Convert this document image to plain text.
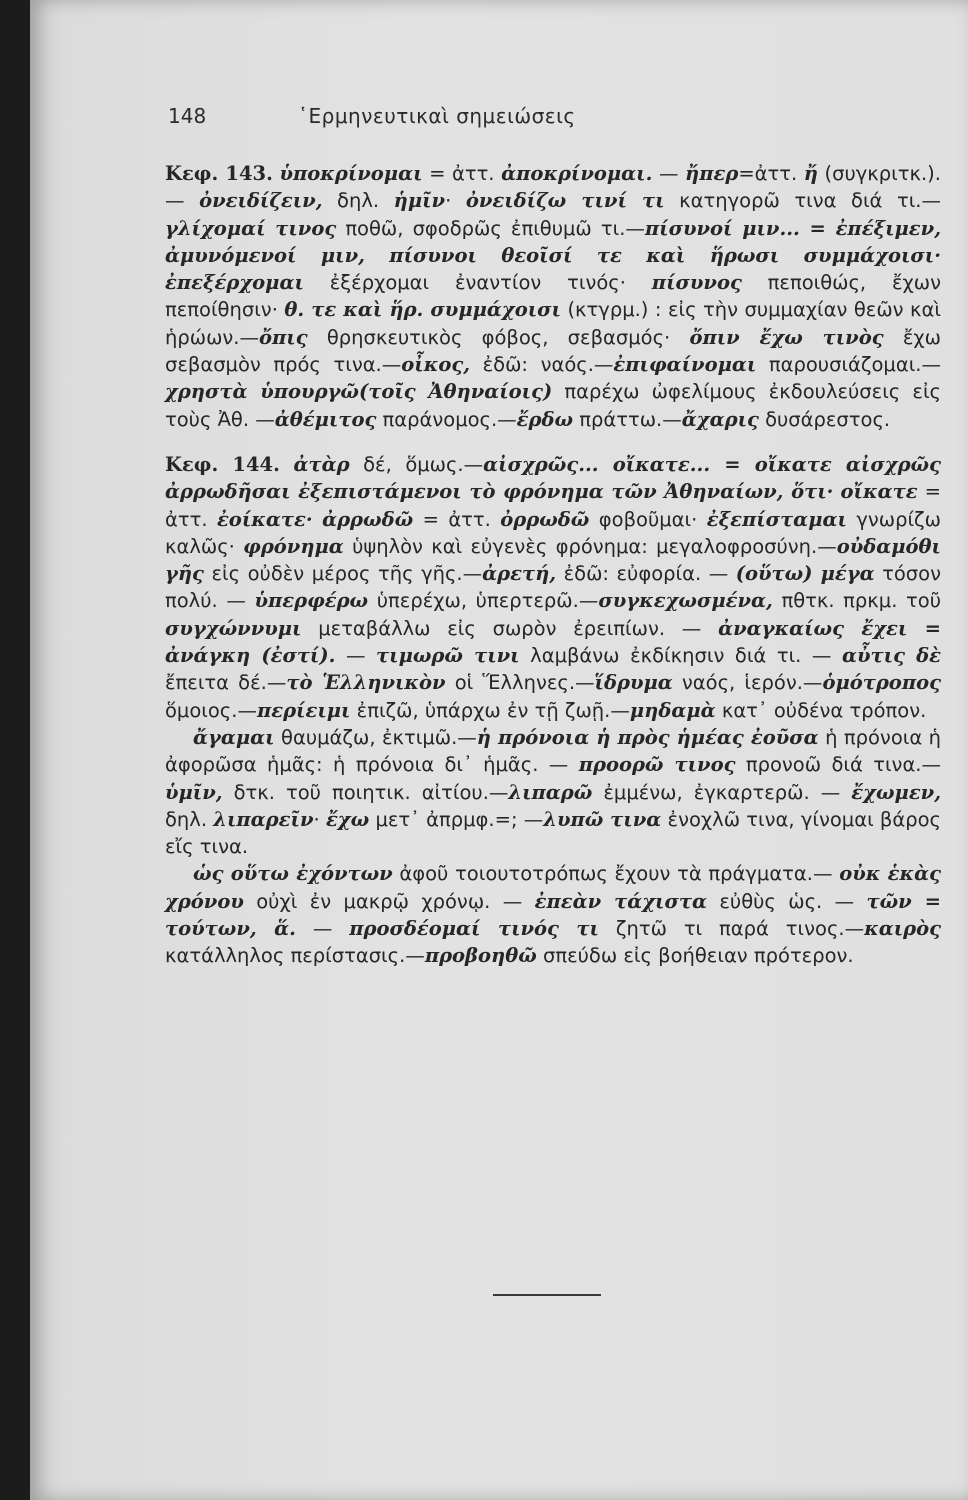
148	῾Ερμηνευτικαὶ σημειώσεις

Κεφ. 143. ὑποκρίνομαι = ἀττ. ἀποκρίνομαι. — ἤπερ=ἀττ. ἤ (συγκριτκ.). — ὀνειδίζειν, δηλ. ἡμῖν· ὀνειδίζω τινί τι κατηγορῶ τινα διά τι.—γλίχομαί τινος ποθῶ, σφοδρῶς ἐπιθυμῶ τι.—πίσυνοί μιν... = ἐπέξιμεν, ἀμυνόμενοί μιν, πίσυνοι θεοῖσί τε καὶ ἥρωσι συμμάχοισι· ἐπεξέρχομαι ἐξέρχομαι ἐναντίον τινός· πίσυνος πεποιθώς, ἔχων πεποίθησιν· θ. τε καὶ ἥρ. συμμάχοισι (κτγρμ.) : εἰς τὴν συμμαχίαν θεῶν καὶ ἡρώων.—ὄπις θρησκευτικὸς φόβος, σεβασμός· ὄπιν ἔχω τινὸς ἔχω σεβασμὸν πρός τινα.—οἶκος, ἐδῶ: ναός.—ἐπιφαίνομαι παρουσιάζομαι.—χρηστὰ ὑπουργῶ(τοῖς Ἀθηναίοις) παρέχω ὠφελίμους ἐκδουλεύσεις εἰς τοὺς Ἀθ. —ἀθέμιτος παράνομος.—ἔρδω πράττω.—ἄχαρις δυσάρεστος.

Κεφ. 144. ἀτὰρ δέ, ὅμως.—αἰσχρῶς... οἴκατε... = οἴκατε αἰσχρῶς ἀρρωδῆσαι ἐξεπιστάμενοι τὸ φρόνημα τῶν Ἀθηναίων, ὅτι· οἴκατε = ἀττ. ἐοίκατε· ἀρρωδῶ = ἀττ. ὀρρωδῶ φοβοῦμαι· ἐξεπίσταμαι γνωρίζω καλῶς· φρόνημα ὑψηλὸν καὶ εὐγενὲς φρόνημα: μεγαλοφροσύνη.—οὐδαμόθι γῆς εἰς οὐδὲν μέρος τῆς γῆς.—ἀρετή, ἐδῶ: εὐφορία. — (οὕτω) μέγα τόσον πολύ. — ὑπερφέρω ὑπερέχω, ὑπερτερῶ.—συγκεχωσμένα, πθτκ. πρκμ. τοῦ συγχώννυμι μεταβάλλω εἰς σωρὸν ἐρειπίων. — ἀναγκαίως ἔχει = ἀνάγκη (ἐστί). — τιμωρῶ τινι λαμβάνω ἐκδίκησιν διά τι. — αὖτις δὲ ἔπειτα δέ.—τὸ Ἑλληνικὸν οἱ Ἕλληνες.—ἵδρυμα ναός, ἱερόν.—ὁμότροπος ὅμοιος.—περίειμι ἐπιζῶ, ὑπάρχω ἐν τῇ ζωῇ.—μηδαμὰ κατ᾽ οὐδένα τρόπον.

ἄγαμαι θαυμάζω, ἐκτιμῶ.—ἡ πρόνοια ἡ πρὸς ἡμέας ἐοῦσα ἡ πρόνοια ἡ ἀφορῶσα ἡμᾶς: ἡ πρόνοια δι᾽ ἡμᾶς. — προορῶ τινος προνοῶ διά τινα.—ὑμῖν, δτκ. τοῦ ποιητικ. αἰτίου.—λιπαρῶ ἐμμένω, ἐγκαρτερῶ. — ἔχωμεν, δηλ. λιπαρεῖν· ἔχω μετ᾽ ἀπρμφ.=; —λυπῶ τινα ἐνοχλῶ τινα, γίνομαι βάρος εἴς τινα.

ὡς οὕτω ἐχόντων ἀφοῦ τοιουτοτρόπως ἔχουν τὰ πράγματα.— οὐκ ἑκὰς χρόνου οὐχὶ ἐν μακρῷ χρόνῳ. — ἐπεὰν τάχιστα εὐθὺς ὡς. — τῶν = τούτων, ἅ. — προσδέομαί τινός τι ζητῶ τι παρά τινος.—καιρὸς κατάλληλος περίστασις.—προβοηθῶ σπεύδω εἰς βοήθειαν πρότερον.
